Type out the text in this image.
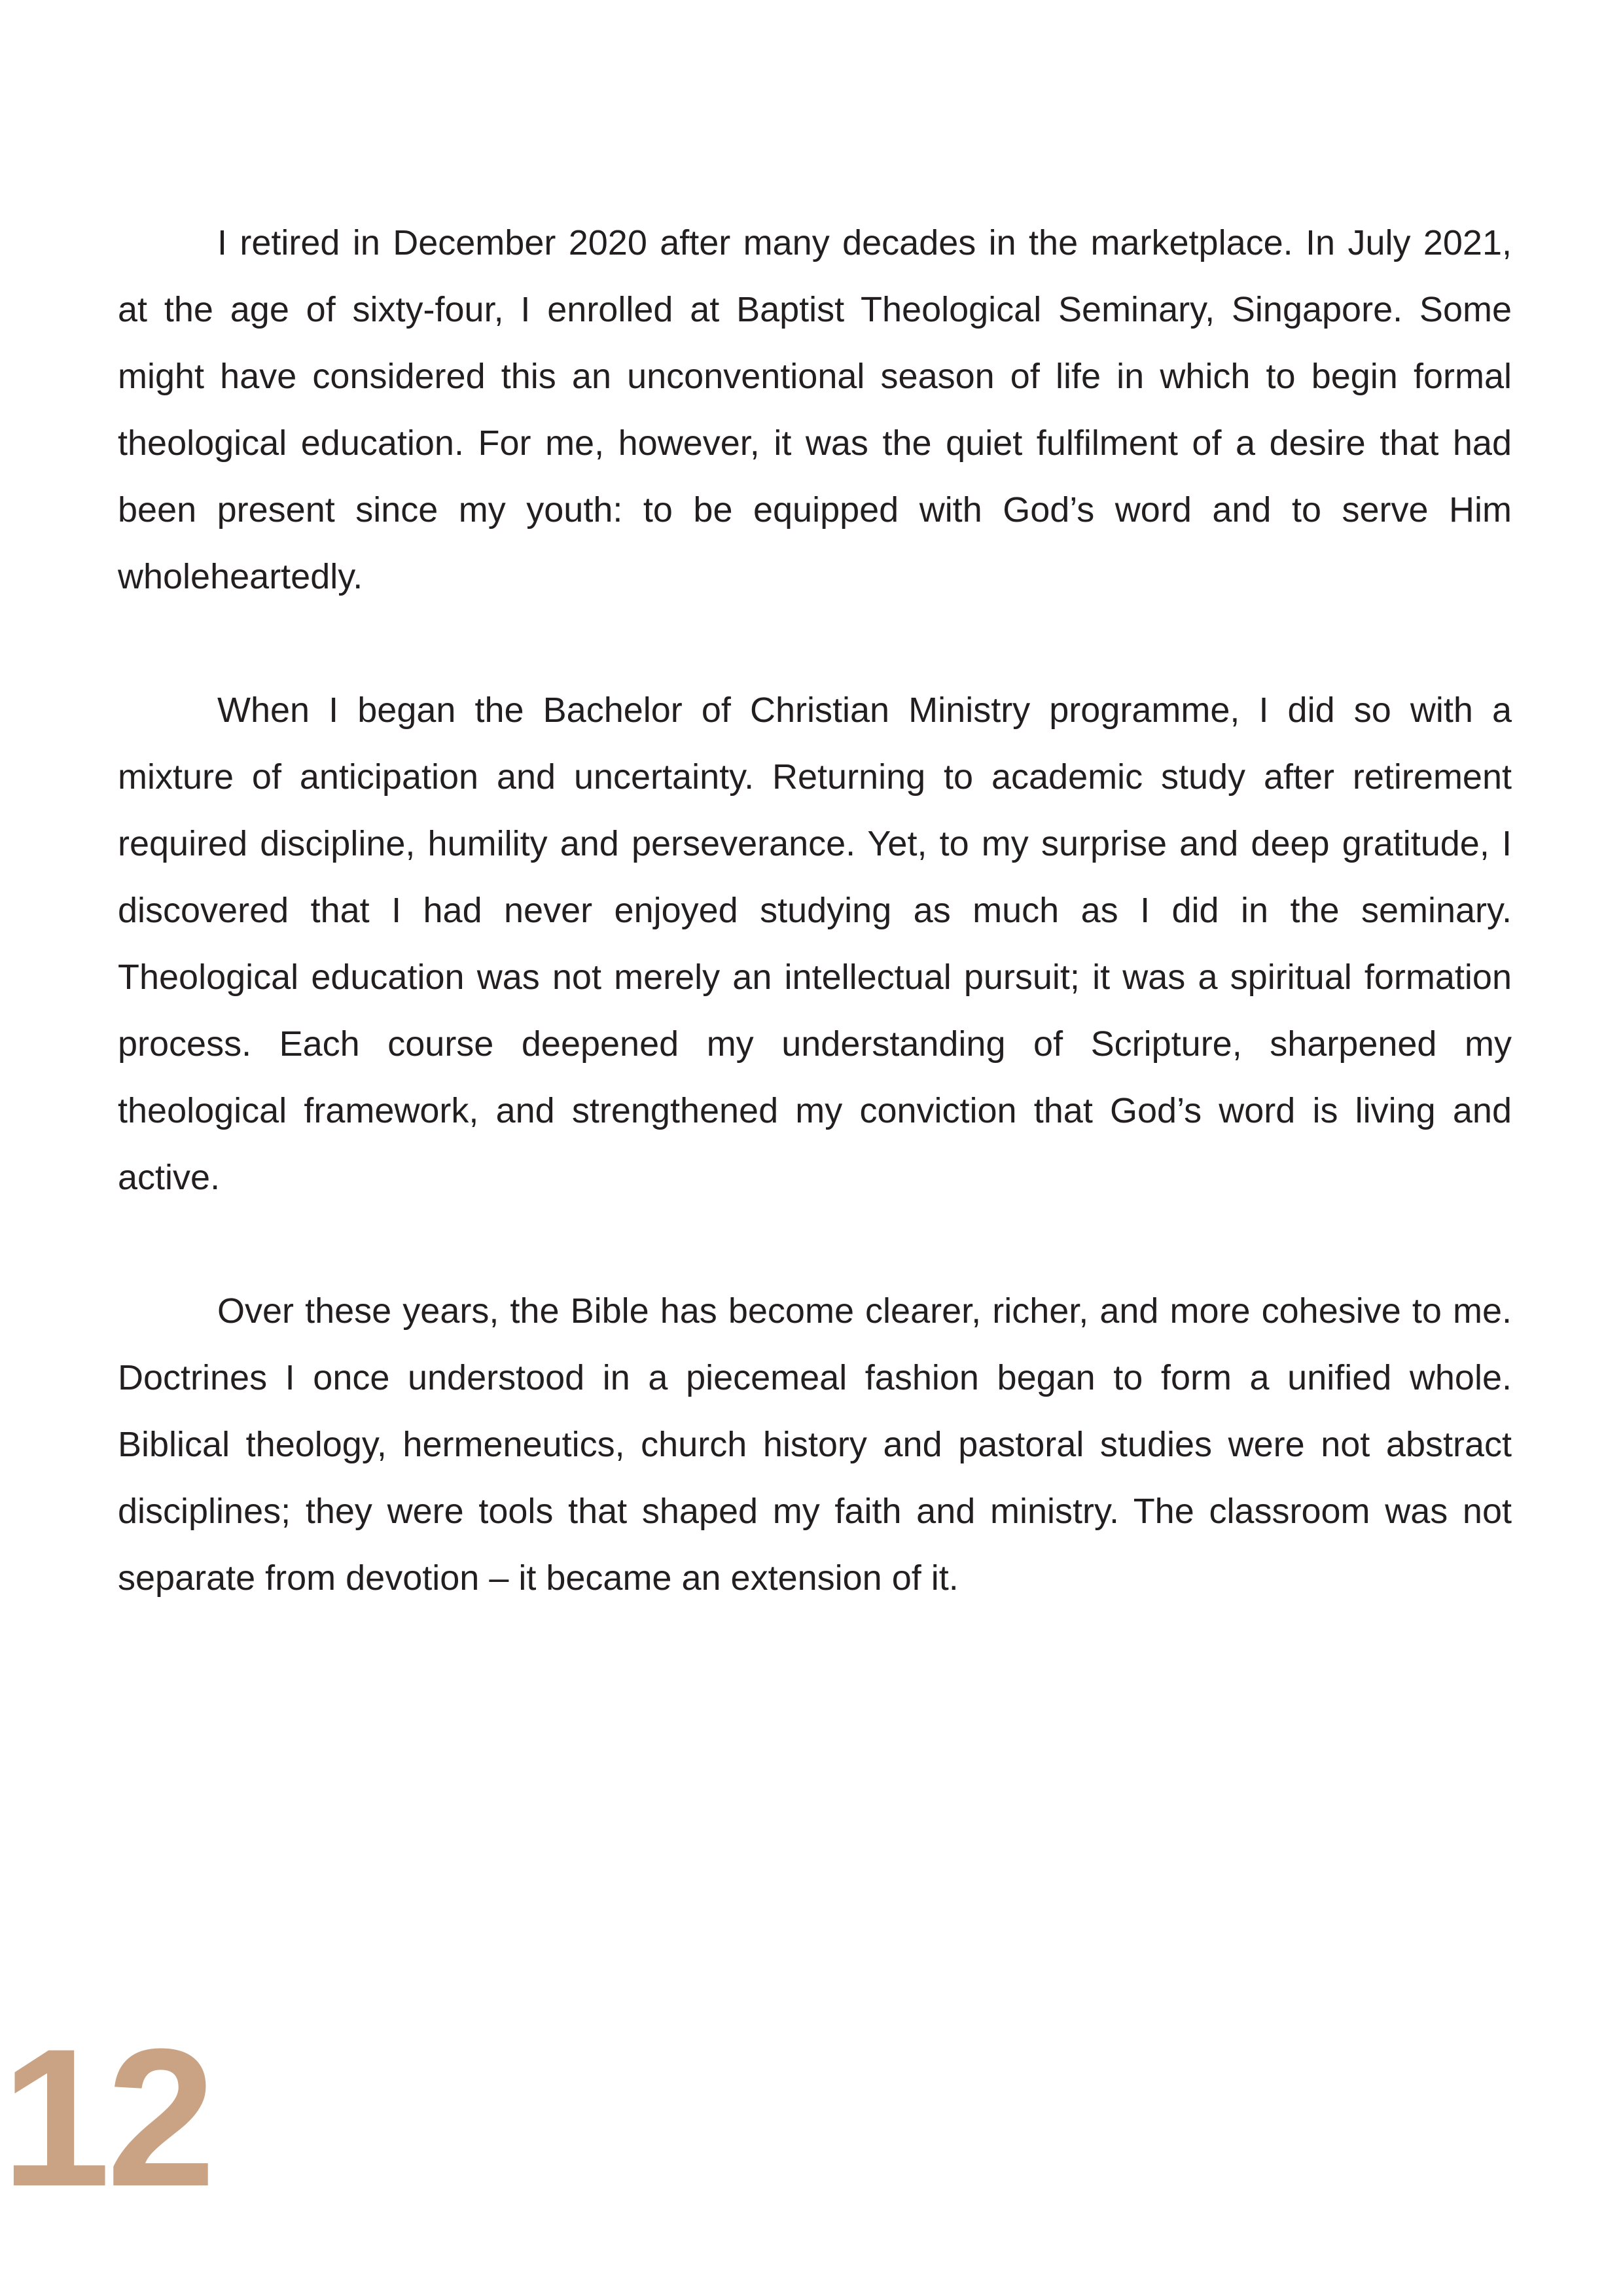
I retired in December 2020 after many decades in the marketplace. In July 2021, at the age of sixty-four, I enrolled at Baptist Theological Seminary, Singapore. Some might have considered this an unconventional season of life in which to begin formal theological education. For me, however, it was the quiet fulfilment of a desire that had been present since my youth: to be equipped with God’s word and to serve Him wholeheartedly.

When I began the Bachelor of Christian Ministry programme, I did so with a mixture of anticipation and uncertainty. Returning to academic study after retirement required discipline, humility and perseverance. Yet, to my surprise and deep gratitude, I discovered that I had never enjoyed studying as much as I did in the seminary. Theological education was not merely an intellectual pursuit; it was a spiritual formation process. Each course deepened my understanding of Scripture, sharpened my theological framework, and strengthened my conviction that God’s word is living and active.

Over these years, the Bible has become clearer, richer, and more cohesive to me. Doctrines I once understood in a piecemeal fashion began to form a unified whole. Biblical theology, hermeneutics, church history and pastoral studies were not abstract disciplines; they were tools that shaped my faith and ministry. The classroom was not separate from devotion – it became an extension of it.

12
